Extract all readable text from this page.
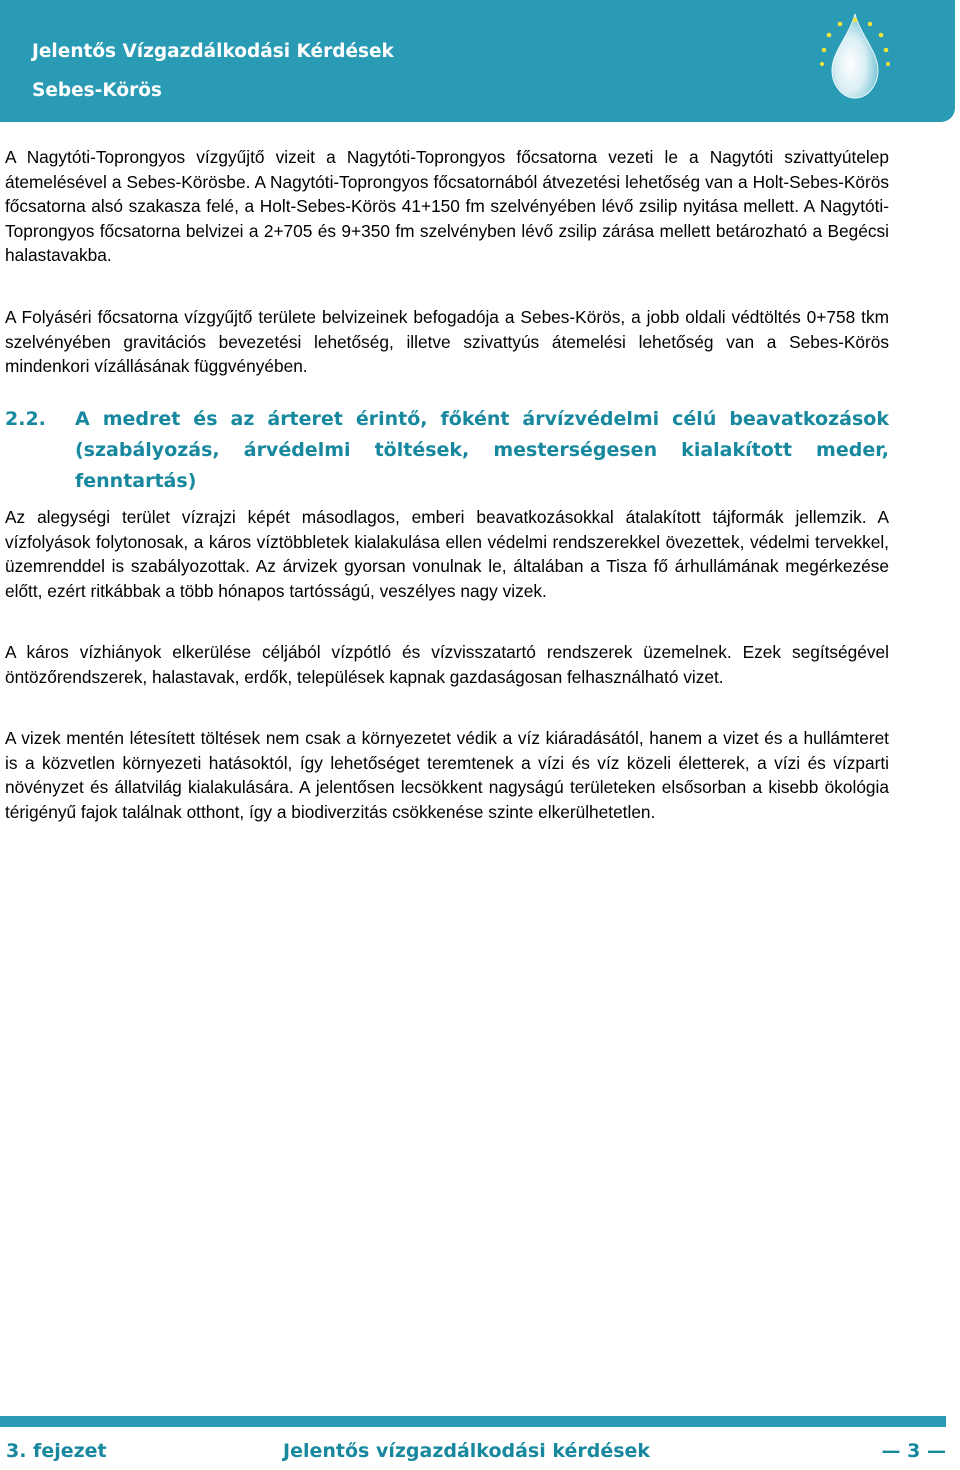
Jelentős Vízgazdálkodási Kérdések
Sebes-Körös

A Nagytóti-Toprongyos vízgyűjtő vizeit a Nagytóti-Toprongyos főcsatorna vezeti le a Nagytóti szivattyútelep átemelésével a Sebes-Körösbe. A Nagytóti-Toprongyos főcsatornából átvezetési lehetőség van a Holt-Sebes-Körös főcsatorna alsó szakasza felé, a Holt-Sebes-Körös 41+150 fm szelvényében lévő zsilip nyitása mellett. A Nagytóti-Toprongyos főcsatorna belvizei a 2+705 és 9+350 fm szelvényben lévő zsilip zárása mellett betározható a Begécsi halastavakba.

A Folyáséri főcsatorna vízgyűjtő területe belvizeinek befogadója a Sebes-Körös, a jobb oldali védtöltés 0+758 tkm szelvényében gravitációs bevezetési lehetőség, illetve szivattyús átemelési lehetőség van a Sebes-Körös mindenkori vízállásának függvényében.

2.2. A medret és az árteret érintő, főként árvízvédelmi célú beavatkozások (szabályozás, árvédelmi töltések, mesterségesen kialakított meder, fenntartás)

Az alegységi terület vízrajzi képét másodlagos, emberi beavatkozásokkal átalakított tájformák jellemzik. A vízfolyások folytonosak, a káros víztöbbletek kialakulása ellen védelmi rendszerekkel övezettek, védelmi tervekkel, üzemrenddel is szabályozottak. Az árvizek gyorsan vonulnak le, általában a Tisza fő árhullámának megérkezése előtt, ezért ritkábbak a több hónapos tartósságú, veszélyes nagy vizek.

A káros vízhiányok elkerülése céljából vízpótló és vízvisszatartó rendszerek üzemelnek. Ezek segítségével öntözőrendszerek, halastavak, erdők, települések kapnak gazdaságosan felhasználható vizet.

A vizek mentén létesített töltések nem csak a környezetet védik a víz kiáradásától, hanem a vizet és a hullámteret is a közvetlen környezeti hatásoktól, így lehetőséget teremtenek a vízi és víz közeli életterek, a vízi és vízparti növényzet és állatvilág kialakulására. A jelentősen lecsökkent nagyságú területeken elsősorban a kisebb ökológia térigényű fajok találnak otthont, így a biodiverzitás csökkenése szinte elkerülhetetlen.

3. fejezet	Jelentős vízgazdálkodási kérdések	— 3 —
